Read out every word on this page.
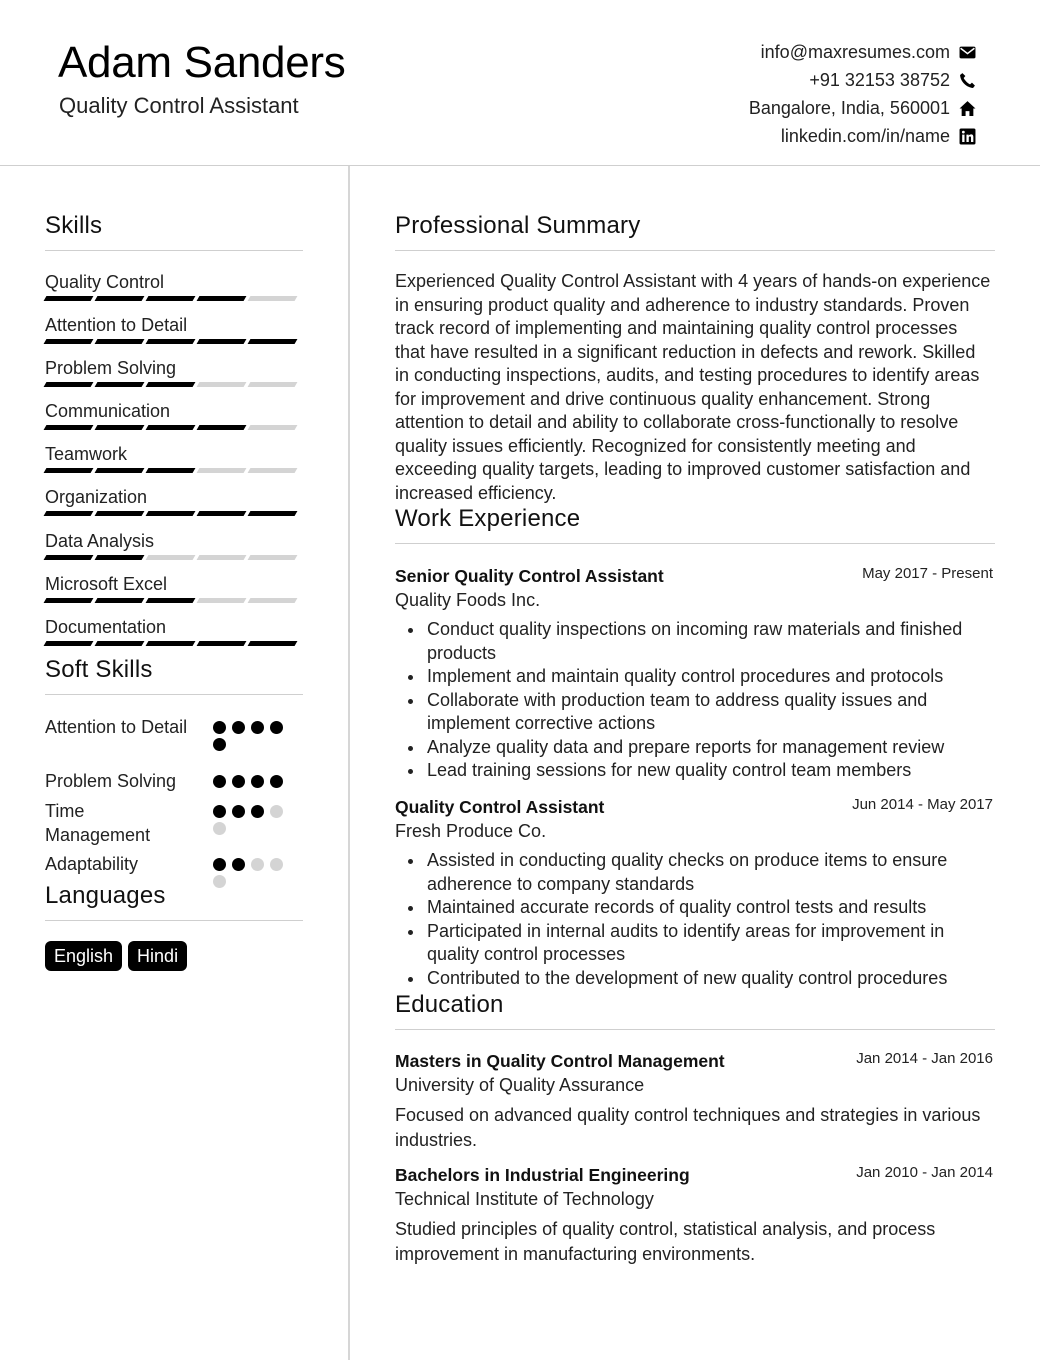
Adam Sanders
Quality Control Assistant
info@maxresumes.com
+91 32153 38752
Bangalore, India, 560001
linkedin.com/in/name
Skills
Quality Control
Attention to Detail
Problem Solving
Communication
Teamwork
Organization
Data Analysis
Microsoft Excel
Documentation
Soft Skills
Attention to Detail
Problem Solving
Time Management
Adaptability
Languages
English	Hindi
Professional Summary
Experienced Quality Control Assistant with 4 years of hands-on experience in ensuring product quality and adherence to industry standards. Proven track record of implementing and maintaining quality control processes that have resulted in a significant reduction in defects and rework. Skilled in conducting inspections, audits, and testing procedures to identify areas for improvement and drive continuous quality enhancement. Strong attention to detail and ability to collaborate cross-functionally to resolve quality issues efficiently. Recognized for consistently meeting and exceeding quality targets, leading to improved customer satisfaction and increased efficiency.
Work Experience
Senior Quality Control Assistant	May 2017 - Present
Quality Foods Inc.
Conduct quality inspections on incoming raw materials and finished products
Implement and maintain quality control procedures and protocols
Collaborate with production team to address quality issues and implement corrective actions
Analyze quality data and prepare reports for management review
Lead training sessions for new quality control team members
Quality Control Assistant	Jun 2014 - May 2017
Fresh Produce Co.
Assisted in conducting quality checks on produce items to ensure adherence to company standards
Maintained accurate records of quality control tests and results
Participated in internal audits to identify areas for improvement in quality control processes
Contributed to the development of new quality control procedures
Education
Masters in Quality Control Management	Jan 2014 - Jan 2016
University of Quality Assurance
Focused on advanced quality control techniques and strategies in various industries.
Bachelors in Industrial Engineering	Jan 2010 - Jan 2014
Technical Institute of Technology
Studied principles of quality control, statistical analysis, and process improvement in manufacturing environments.
